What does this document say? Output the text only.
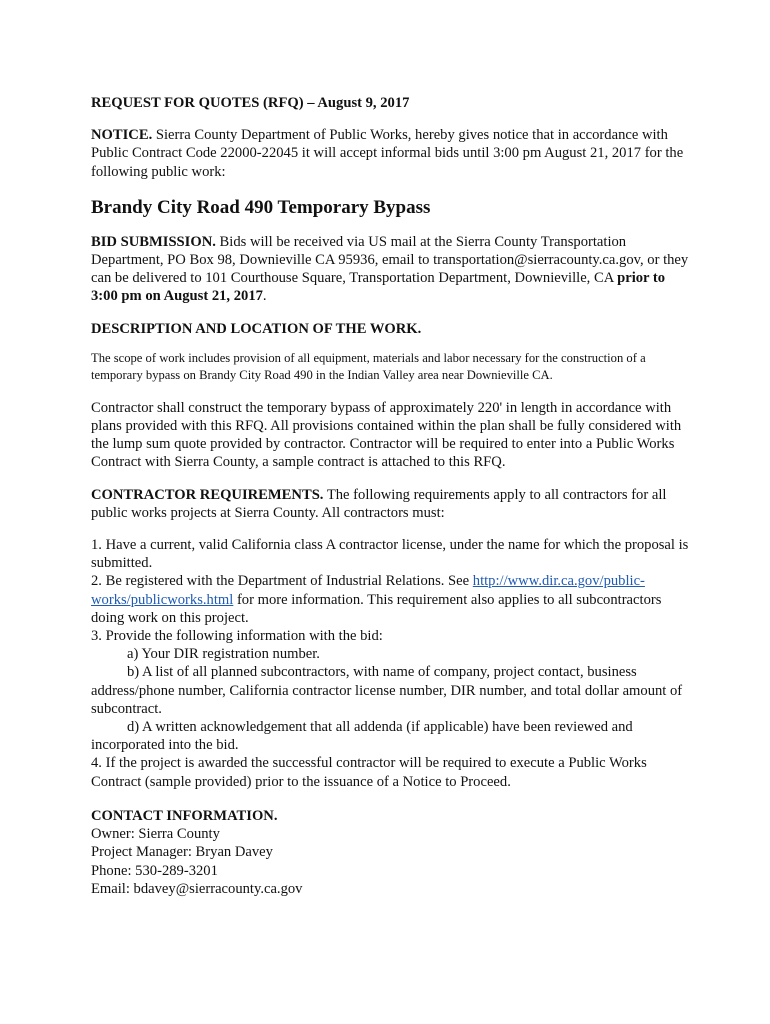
REQUEST FOR QUOTES (RFQ) – August 9, 2017

NOTICE. Sierra County Department of Public Works, hereby gives notice that in accordance with Public Contract Code 22000-22045 it will accept informal bids until 3:00 pm August 21, 2017 for the following public work:

Brandy City Road 490 Temporary Bypass

BID SUBMISSION. Bids will be received via US mail at the Sierra County Transportation Department, PO Box 98, Downieville CA 95936, email to transportation@sierracounty.ca.gov, or they can be delivered to 101 Courthouse Square, Transportation Department, Downieville, CA prior to 3:00 pm on August 21, 2017.

DESCRIPTION AND LOCATION OF THE WORK.

The scope of work includes provision of all equipment, materials and labor necessary for the construction of a temporary bypass on Brandy City Road 490 in the Indian Valley area near Downieville CA.

Contractor shall construct the temporary bypass of approximately 220' in length in accordance with plans provided with this RFQ. All provisions contained within the plan shall be fully considered with the lump sum quote provided by contractor. Contractor will be required to enter into a Public Works Contract with Sierra County, a sample contract is attached to this RFQ.

CONTRACTOR REQUIREMENTS. The following requirements apply to all contractors for all public works projects at Sierra County. All contractors must:

1. Have a current, valid California class A contractor license, under the name for which the proposal is submitted.

2. Be registered with the Department of Industrial Relations. See http://www.dir.ca.gov/public-works/publicworks.html for more information. This requirement also applies to all subcontractors doing work on this project.

3. Provide the following information with the bid:

a) Your DIR registration number.

b) A list of all planned subcontractors, with name of company, project contact, business address/phone number, California contractor license number, DIR number, and total dollar amount of subcontract.

d) A written acknowledgement that all addenda (if applicable) have been reviewed and incorporated into the bid.

4. If the project is awarded the successful contractor will be required to execute a Public Works Contract (sample provided) prior to the issuance of a Notice to Proceed.

CONTACT INFORMATION.

Owner: Sierra County

Project Manager: Bryan Davey

Phone: 530-289-3201

Email: bdavey@sierracounty.ca.gov
